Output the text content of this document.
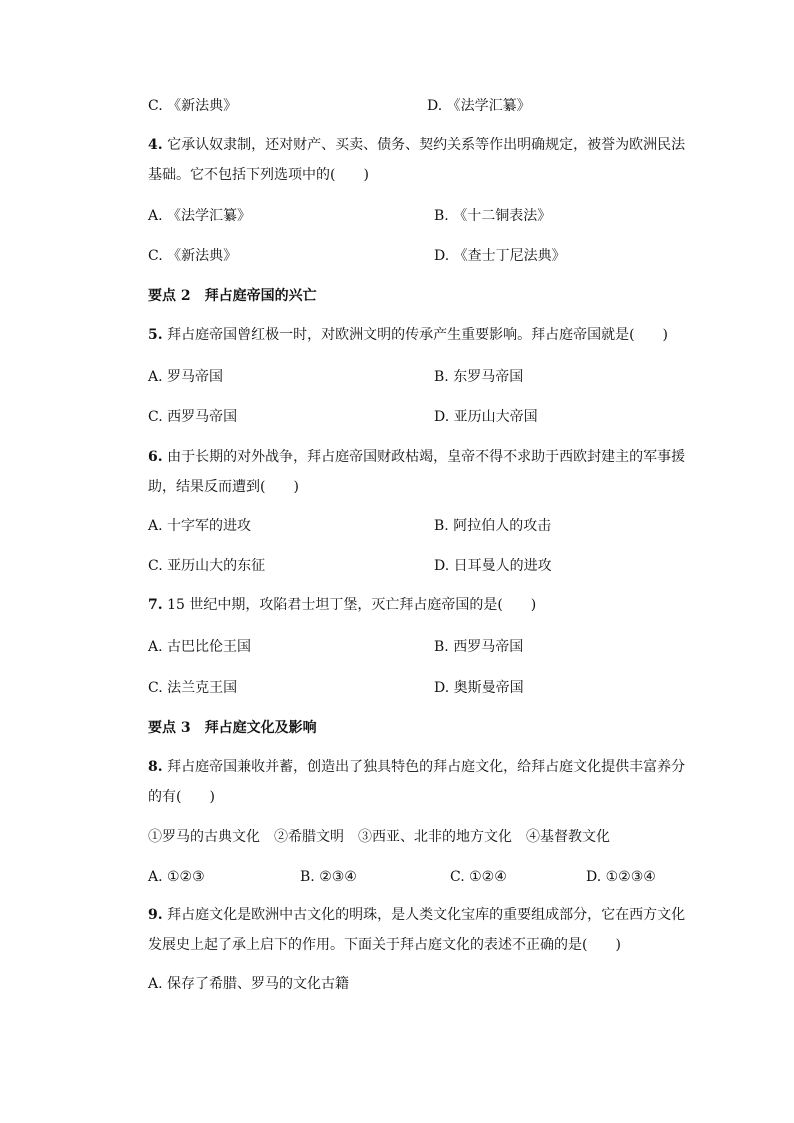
C. 《新法典》	D. 《法学汇纂》
4. 它承认奴隶制，还对财产、买卖、债务、契约关系等作出明确规定，被誉为欧洲民法基础。它不包括下列选项中的(　　)
A. 《法学汇纂》	B. 《十二铜表法》
C. 《新法典》	D. 《查士丁尼法典》
要点 2　拜占庭帝国的兴亡
5. 拜占庭帝国曾红极一时，对欧洲文明的传承产生重要影响。拜占庭帝国就是(　　)
A. 罗马帝国	B. 东罗马帝国
C. 西罗马帝国	D. 亚历山大帝国
6. 由于长期的对外战争，拜占庭帝国财政枯竭，皇帝不得不求助于西欧封建主的军事援助，结果反而遭到(　　)
A. 十字军的进攻	B. 阿拉伯人的攻击
C. 亚历山大的东征	D. 日耳曼人的进攻
7. 15 世纪中期，攻陷君士坦丁堡，灭亡拜占庭帝国的是(　　)
A. 古巴比伦王国	B. 西罗马帝国
C. 法兰克王国	D. 奥斯曼帝国
要点 3　拜占庭文化及影响
8. 拜占庭帝国兼收并蓄，创造出了独具特色的拜占庭文化，给拜占庭文化提供丰富养分的有(　　)
①罗马的古典文化　②希腊文明　③西亚、北非的地方文化　④基督教文化
A. ①②③	B. ②③④	C. ①②④	D. ①②③④
9. 拜占庭文化是欧洲中古文化的明珠，是人类文化宝库的重要组成部分，它在西方文化发展史上起了承上启下的作用。下面关于拜占庭文化的表述不正确的是(　　)
A. 保存了希腊、罗马的文化古籍
